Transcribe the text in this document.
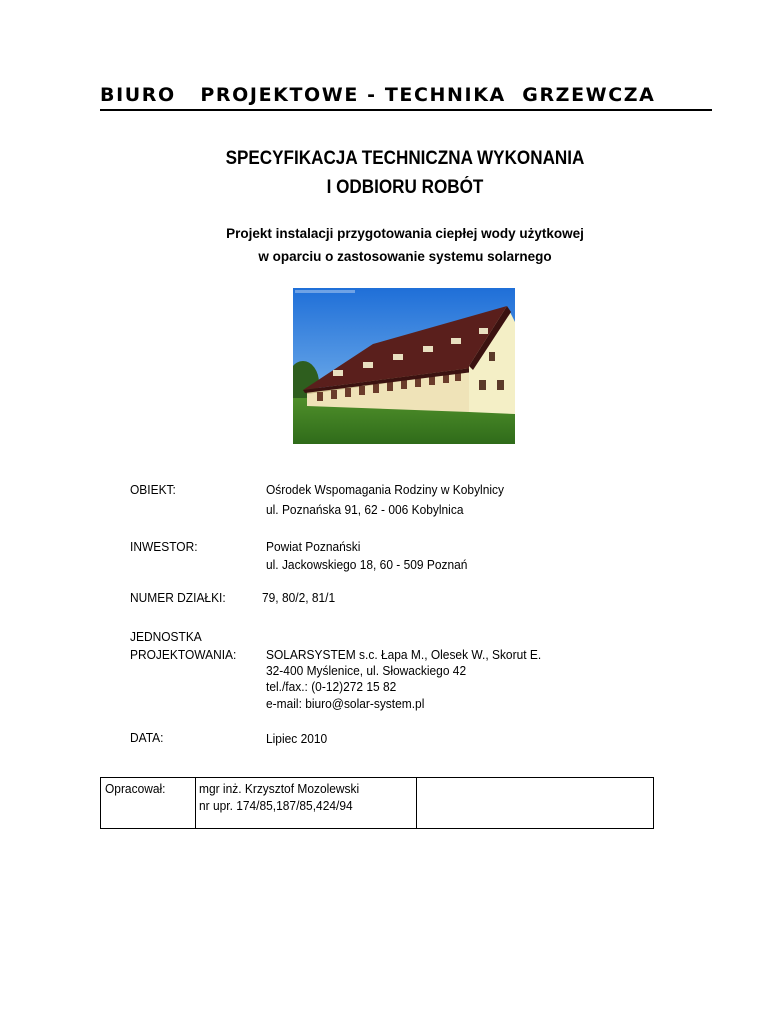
BIURO   PROJEKTOWE - TECHNIKA  GRZEWCZA
SPECYFIKACJA TECHNICZNA WYKONANIA
I ODBIORU ROBÓT
Projekt instalacji przygotowania ciepłej wody użytkowej
w oparciu o zastosowanie systemu solarnego
OBIEKT:	Ośrodek Wspomagania Rodziny w Kobylnicy
ul. Poznańska 91, 62 - 006 Kobylnica
INWESTOR:	Powiat Poznański
ul. Jackowskiego 18, 60 - 509 Poznań
NUMER DZIAŁKI:	79, 80/2, 81/1
JEDNOSTKA
PROJEKTOWANIA: SOLARSYSTEM s.c. Łapa M., Olesek W., Skorut E.
32-400 Myślenice, ul. Słowackiego 42
tel./fax.: (0-12)272 15 82
e-mail: biuro@solar-system.pl
DATA:	Lipiec 2010
Opracował:	mgr inż. Krzysztof Mozolewski
nr upr. 174/85,187/85,424/94
